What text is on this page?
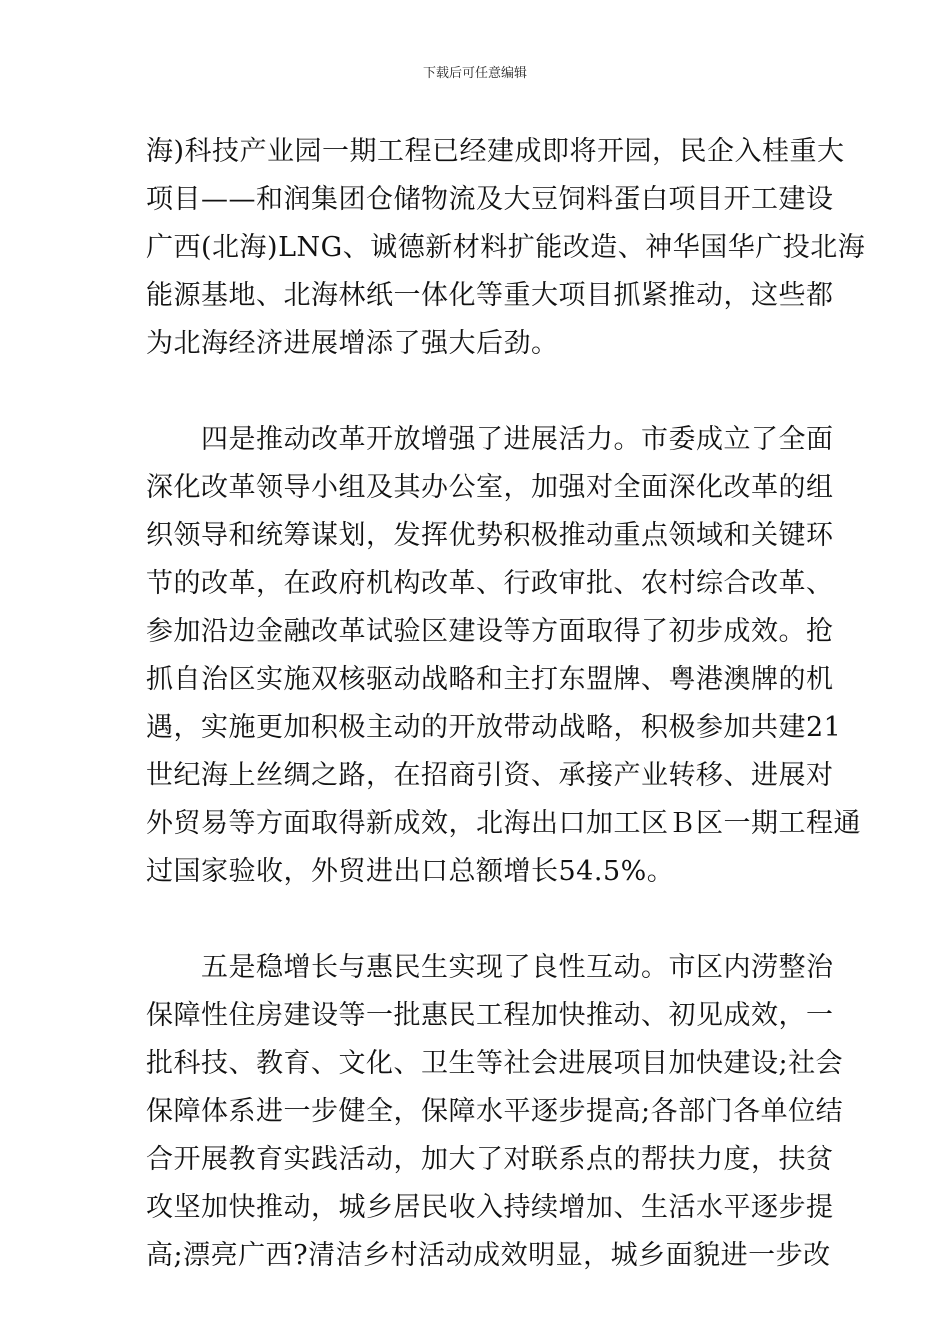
下载后可任意编辑
海)科技产业园一期工程已经建成即将开园，民企入桂重大
项目——和润集团仓储物流及大豆饲料蛋白项目开工建设
广西(北海)LNG、诚德新材料扩能改造、神华国华广投北海
能源基地、北海林纸一体化等重大项目抓紧推动，这些都
为北海经济进展增添了强大后劲。
　　四是推动改革开放增强了进展活力。市委成立了全面
深化改革领导小组及其办公室，加强对全面深化改革的组
织领导和统筹谋划，发挥优势积极推动重点领域和关键环
节的改革，在政府机构改革、行政审批、农村综合改革、
参加沿边金融改革试验区建设等方面取得了初步成效。抢
抓自治区实施双核驱动战略和主打东盟牌、粤港澳牌的机
遇，实施更加积极主动的开放带动战略，积极参加共建21
世纪海上丝绸之路，在招商引资、承接产业转移、进展对
外贸易等方面取得新成效，北海出口加工区Ｂ区一期工程通
过国家验收，外贸进出口总额增长54.5%。
　　五是稳增长与惠民生实现了良性互动。市区内涝整治
保障性住房建设等一批惠民工程加快推动、初见成效，一
批科技、教育、文化、卫生等社会进展项目加快建设;社会
保障体系进一步健全，保障水平逐步提高;各部门各单位结
合开展教育实践活动，加大了对联系点的帮扶力度，扶贫
攻坚加快推动，城乡居民收入持续增加、生活水平逐步提
高;漂亮广西?清洁乡村活动成效明显，城乡面貌进一步改
